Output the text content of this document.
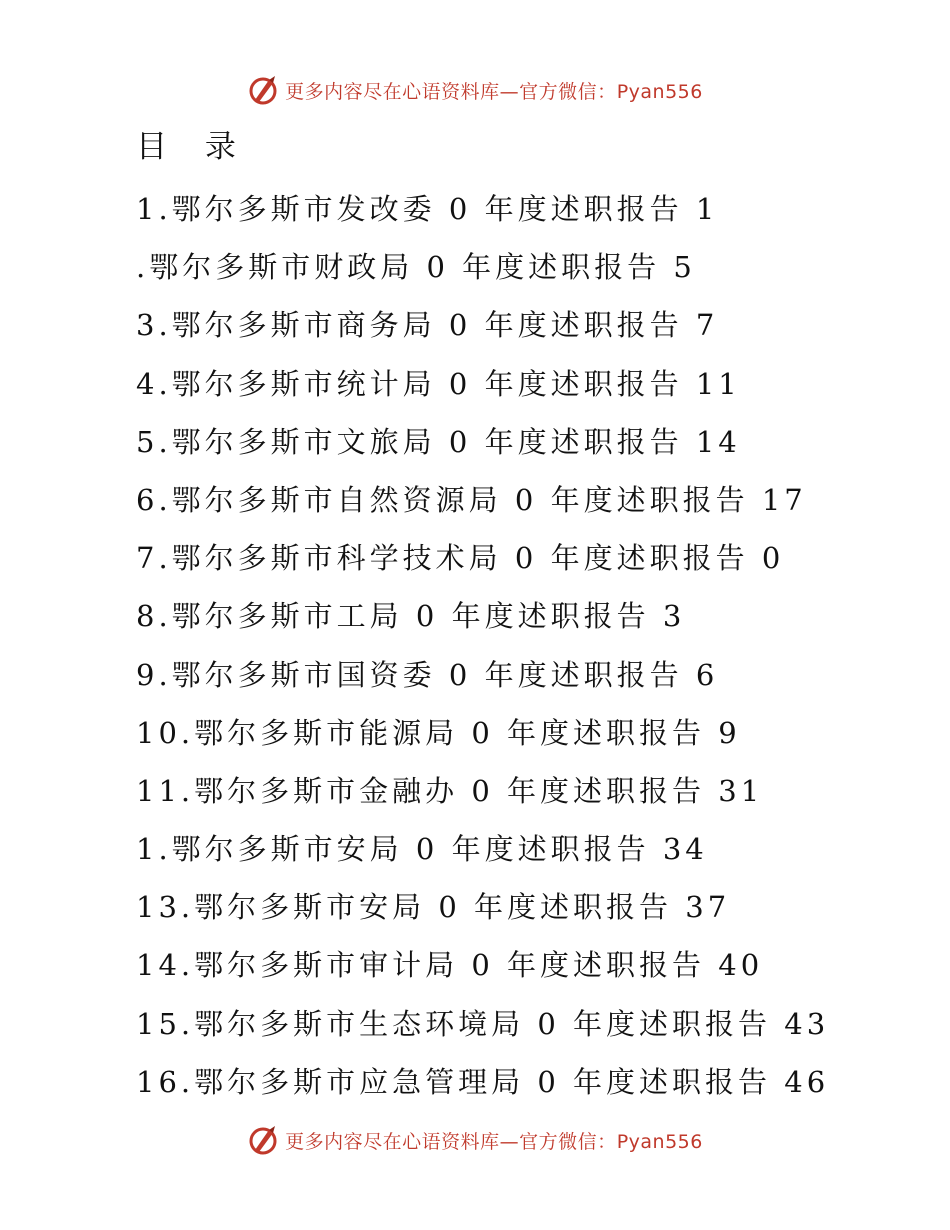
更多内容尽在心语资料库—官方微信：Pyan556
目 录
1.鄂尔多斯市发改委 0 年度述职报告 1
.鄂尔多斯市财政局 0 年度述职报告 5
3.鄂尔多斯市商务局 0 年度述职报告 7
4.鄂尔多斯市统计局 0 年度述职报告 11
5.鄂尔多斯市文旅局 0 年度述职报告 14
6.鄂尔多斯市自然资源局 0 年度述职报告 17
7.鄂尔多斯市科学技术局 0 年度述职报告 0
8.鄂尔多斯市工局 0 年度述职报告 3
9.鄂尔多斯市国资委 0 年度述职报告 6
10.鄂尔多斯市能源局 0 年度述职报告 9
11.鄂尔多斯市金融办 0 年度述职报告 31
1.鄂尔多斯市安局 0 年度述职报告 34
13.鄂尔多斯市安局 0 年度述职报告 37
14.鄂尔多斯市审计局 0 年度述职报告 40
15.鄂尔多斯市生态环境局 0 年度述职报告 43
16.鄂尔多斯市应急管理局 0 年度述职报告 46
更多内容尽在心语资料库—官方微信：Pyan556
